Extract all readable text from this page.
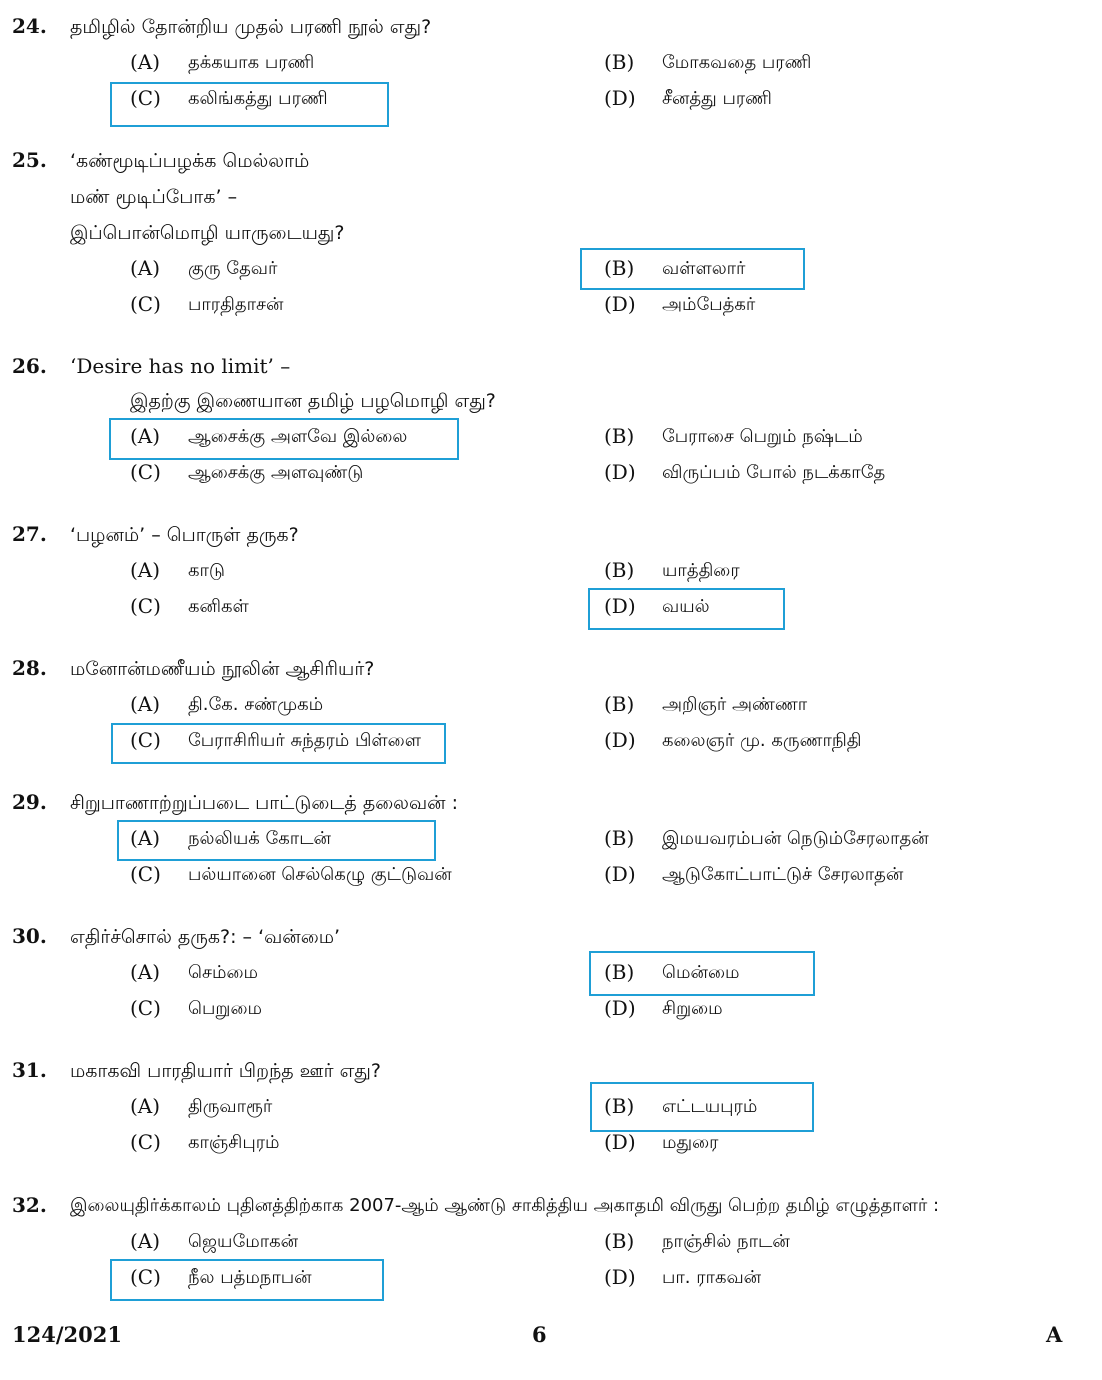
24. தமிழில் தோன்றிய முதல் பரணி நூல் எது?
(A) தக்கயாக பரணி	(B) மோகவதை பரணி
(C) கலிங்கத்து பரணி	(D) சீனத்து பரணி
25. ‘கண்மூடிப்பழக்க மெல்லாம்
மண் மூடிப்போக’ –
இப்பொன்மொழி யாருடையது?
(A) குரு தேவர்	(B) வள்ளலார்
(C) பாரதிதாசன்	(D) அம்பேத்கர்
26. ‘Desire has no limit’ –
இதற்கு இணையான தமிழ் பழமொழி எது?
(A) ஆசைக்கு அளவே இல்லை	(B) பேராசை பெறும் நஷ்டம்
(C) ஆசைக்கு அளவுண்டு	(D) விருப்பம் போல் நடக்காதே
27. ‘பழனம்’ – பொருள் தருக?
(A) காடு	(B) யாத்திரை
(C) கனிகள்	(D) வயல்
28. மனோன்மணீயம் நூலின் ஆசிரியர்?
(A) தி.கே. சண்முகம்	(B) அறிஞர் அண்ணா
(C) பேராசிரியர் சுந்தரம் பிள்ளை	(D) கலைஞர் மு. கருணாநிதி
29. சிறுபாணாற்றுப்படை பாட்டுடைத் தலைவன் :
(A) நல்லியக் கோடன்	(B) இமயவரம்பன் நெடும்சேரலாதன்
(C) பல்யானை செல்கெழு குட்டுவன்	(D) ஆடுகோட்பாட்டுச் சேரலாதன்
30. எதிர்ச்சொல் தருக?: – ‘வன்மை’
(A) செம்மை	(B) மென்மை
(C) பெறுமை	(D) சிறுமை
31. மகாகவி பாரதியார் பிறந்த ஊர் எது?
(A) திருவாரூர்	(B) எட்டயபுரம்
(C) காஞ்சிபுரம்	(D) மதுரை
32. இலையுதிர்க்காலம் புதினத்திற்காக 2007-ஆம் ஆண்டு சாகித்திய அகாதமி விருது பெற்ற தமிழ் எழுத்தாளர் :
(A) ஜெயமோகன்	(B) நாஞ்சில் நாடன்
(C) நீல பத்மநாபன்	(D) பா. ராகவன்
124/2021	6	A
